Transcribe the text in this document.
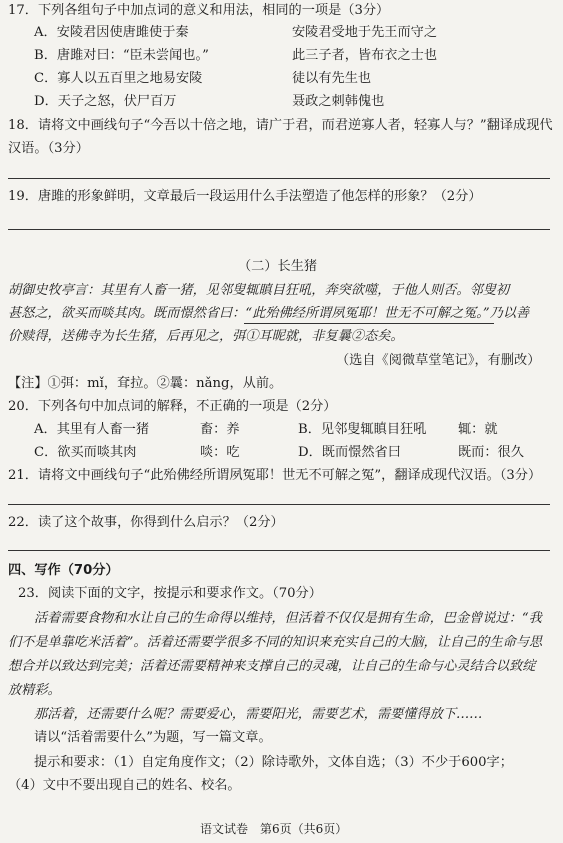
17．下列各组句子中加点词的意义和用法，相同的一项是（3分）
A．安陵君因使唐雎使于秦	安陵君受地于先王而守之
B．唐雎对曰：“臣未尝闻也。”	此三子者，皆布衣之士也
C．寡人以五百里之地易安陵	徒以有先生也
D．天子之怒，伏尸百万	聂政之刺韩傀也
18．请将文中画线句子“今吾以十倍之地，请广于君，而君逆寡人者，轻寡人与？”翻译成现代
汉语。（3分）
19．唐雎的形象鲜明，文章最后一段运用什么手法塑造了他怎样的形象？（2分）
（二）长生猪
胡御史牧亭言：其里有人畜一猪，见邻叟辄瞋目狂吼，奔突欲噬，于他人则否。邻叟初
甚怒之，欲买而啖其肉。既而憬然省曰：“此殆佛经所谓夙冤耶！世无不可解之冤。”乃以善
价赎得，送佛寺为长生猪，后再见之，弭①耳昵就，非复曩②态矣。
（选自《阅微草堂笔记》，有删改）
【注】①弭：mǐ，耷拉。②曩：nǎng，从前。
20．下列各句中加点词的解释，不正确的一项是（2分）
A．其里有人畜一猪	畜：养	B．见邻叟辄瞋目狂吼 辄：就
C．欲买而啖其肉	啖：吃	D．既而憬然省曰	既而：很久
21．请将文中画线句子“此殆佛经所谓夙冤耶！世无不可解之冤”，翻译成现代汉语。（3分）
22．读了这个故事，你得到什么启示？（2分）
四、写作（70分）
23．阅读下面的文字，按提示和要求作文。（70分）
活着需要食物和水让自己的生命得以维持，但活着不仅仅是拥有生命，巴金曾说过：“我
们不是单靠吃米活着”。活着还需要学很多不同的知识来充实自己的大脑，让自己的生命与思
想合并以致达到完美；活着还需要精神来支撑自己的灵魂，让自己的生命与心灵结合以致绽
放精彩。
那活着，还需要什么呢？需要爱心，需要阳光，需要艺术，需要懂得放下……
请以“活着需要什么”为题，写一篇文章。
提示和要求：（1）自定角度作文；（2）除诗歌外，文体自选；（3）不少于600字；
（4）文中不要出现自己的姓名、校名。
语文试卷　第6页（共6页）
